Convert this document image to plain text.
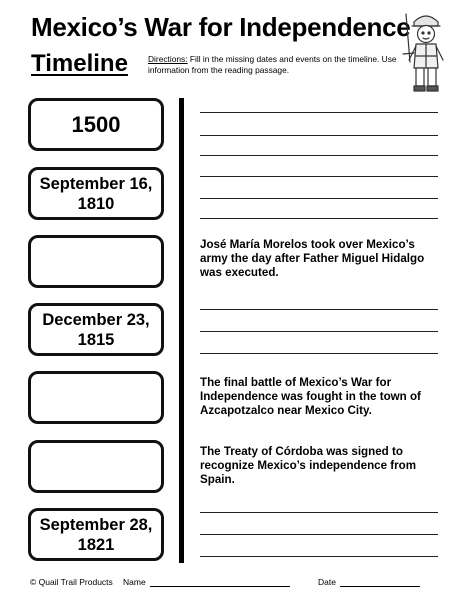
Mexico’s War for Independence
Timeline Directions: Fill in the missing dates and events on the timeline. Use information from the reading passage.
1500
September 16, 1810
December 23, 1815
September 28, 1821
José María Morelos took over Mexico’s army the day after Father Miguel Hidalgo was executed.
The final battle of Mexico’s War for Independence was fought in the town of Azcapotzalco near Mexico City.
The Treaty of Córdoba was signed to recognize Mexico’s independence from Spain.
© Quail Trail Products Name	Date
